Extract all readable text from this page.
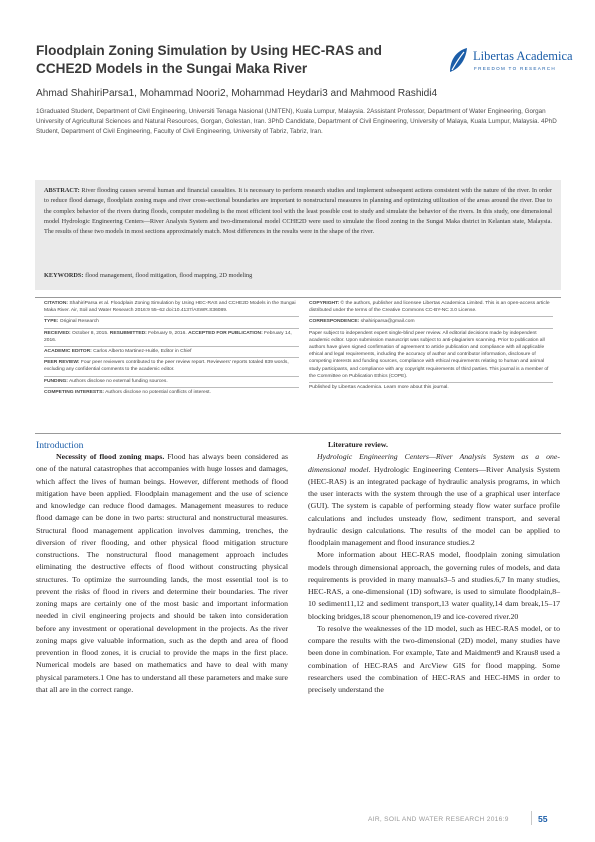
Floodplain Zoning Simulation by Using HEC-RAS and CCHE2D Models in the Sungai Maka River
Libertas Academica
FREEDOM TO RESEARCH
Ahmad ShahiriParsa1, Mohammad Noori2, Mohammad Heydari3 and Mahmood Rashidi4
1Graduated Student, Department of Civil Engineering, Universiti Tenaga Nasional (UNITEN), Kuala Lumpur, Malaysia. 2Assistant Professor, Department of Water Engineering, Gorgan University of Agricultural Sciences and Natural Resources, Gorgan, Golestan, Iran. 3PhD Candidate, Department of Civil Engineering, University of Malaya, Kuala Lumpur, Malaysia. 4PhD Student, Department of Civil Engineering, Faculty of Civil Engineering, University of Tabriz, Tabriz, Iran.
ABSTRACT: River flooding causes several human and financial casualties. It is necessary to perform research studies and implement subsequent actions consistent with the nature of the river. In order to reduce flood damage, floodplain zoning maps and river cross-sectional boundaries are important to nonstructural measures in planning and optimizing utilization of the areas around the river. Due to the complex behavior of the rivers during floods, computer modeling is the most efficient tool with the least possible cost to study and simulate the behavior of the rivers. In this study, one dimensional model Hydrologic Engineering Centers—River Analysis System and two-dimensional model CCHE2D were used to simulate the flood zoning in the Sungai Maka district in Kelantan state, Malaysia. The results of these two models in most sections approximately match. Most differences in the results were in the shape of the river.
KEYWORDS: flood management, flood mitigation, flood mapping, 2D modeling
CITATION: ShahiriParsa et al. Floodplain Zoning Simulation by Using HEC-RAS and CCHE2D Models in the Sungai Maka River. Air, Soil and Water Research 2016:9 55–62 doi:10.4137/ASWR.S36089.
TYPE: Original Research
RECEIVED: October 8, 2015. RESUBMITTED: February 9, 2016. ACCEPTED FOR PUBLICATION: February 14, 2016.
ACADEMIC EDITOR: Carlos Alberto Martinez-Huitle, Editor in Chief
PEER REVIEW: Four peer reviewers contributed to the peer review report. Reviewers' reports totaled 839 words, excluding any confidential comments to the academic editor.
FUNDING: Authors disclose no external funding sources.
COMPETING INTERESTS: Authors disclose no potential conflicts of interest.
COPYRIGHT: © the authors, publisher and licensee Libertas Academica Limited. This is an open-access article distributed under the terms of the Creative Commons CC-BY-NC 3.0 License.
CORRESPONDENCE: shahiriparsa@gmail.com
Paper subject to independent expert single-blind peer review. All editorial decisions made by independent academic editor. Upon submission manuscript was subject to anti-plagiarism scanning. Prior to publication all authors have given signed confirmation of agreement to article publication and compliance with all applicable ethical and legal requirements, including the accuracy of author and contributor information, disclosure of competing interests and funding sources, compliance with ethical requirements relating to human and animal study participants, and compliance with any copyright requirements of third parties. This journal is a member of the Committee on Publication Ethics (COPE).
Published by Libertas Academica. Learn more about this journal.
Introduction

Necessity of flood zoning maps. Flood has always been considered as one of the natural catastrophes that accompanies with huge losses and damages, which affect the lives of human beings. However, different methods of flood mitigation have been applied. Floodplain management and the use of science and knowledge can reduce flood damages. Management measures to reduce flood damage can be done in two parts: structural and nonstructural measures. Structural flood management application involves damming, trenches, the diversion of river flooding, and other physical flood mitigation structure constructions. The nonstructural flood management approach includes eliminating the destructive effects of flood without constructing physical structures. To optimize the surrounding lands, the most essential tool is to prevent the risks of flood in rivers and determine their boundaries. The river zoning maps are certainly one of the most basic and important information needed in civil engineering projects and should be taken into consideration before any investment or operational development in the projects. As the river zoning maps give valuable information, such as the depth and area of flood prevention in flood zones, it is crucial to provide the maps in the first place. Numerical models are based on mathematics and have to deal with many physical parameters.1 One has to understand all these parameters and make sure that all are in the correct range.

Literature review.

Hydrologic Engineering Centers—River Analysis System as a one-dimensional model. Hydrologic Engineering Centers—River Analysis System (HEC-RAS) is an integrated package of hydraulic analysis programs, in which the user interacts with the system through the use of a graphical user interface (GUI). The system is capable of performing steady flow water surface profile calculations and includes unsteady flow, sediment transport, and several hydraulic design calculations. The results of the model can be applied to floodplain management and flood insurance studies.2

More information about HEC-RAS model, floodplain zoning simulation models through dimensional approach, the governing rules of models, and data requirements is provided in many manuals3–5 and studies.6,7 In many studies, HEC-RAS, a one-dimensional (1D) software, is used to simulate floodplain,8–10 sediment11,12 and sediment transport,13 water quality,14 dam break,15–17 blocking bridges,18 scour phenomenon,19 and ice-covered river.20

To resolve the weaknesses of the 1D model, such as HEC-RAS model, or to compare the results with the two-dimensional (2D) model, many studies have been done in combination. For example, Tate and Maidment9 and Kraus8 used a combination of HEC-RAS and ArcView GIS for flood mapping. Some researchers used the combination of HEC-RAS and HEC-HMS in order to precisely understand the

AIR, SOIL AND WATER RESEARCH 2016:9	55
